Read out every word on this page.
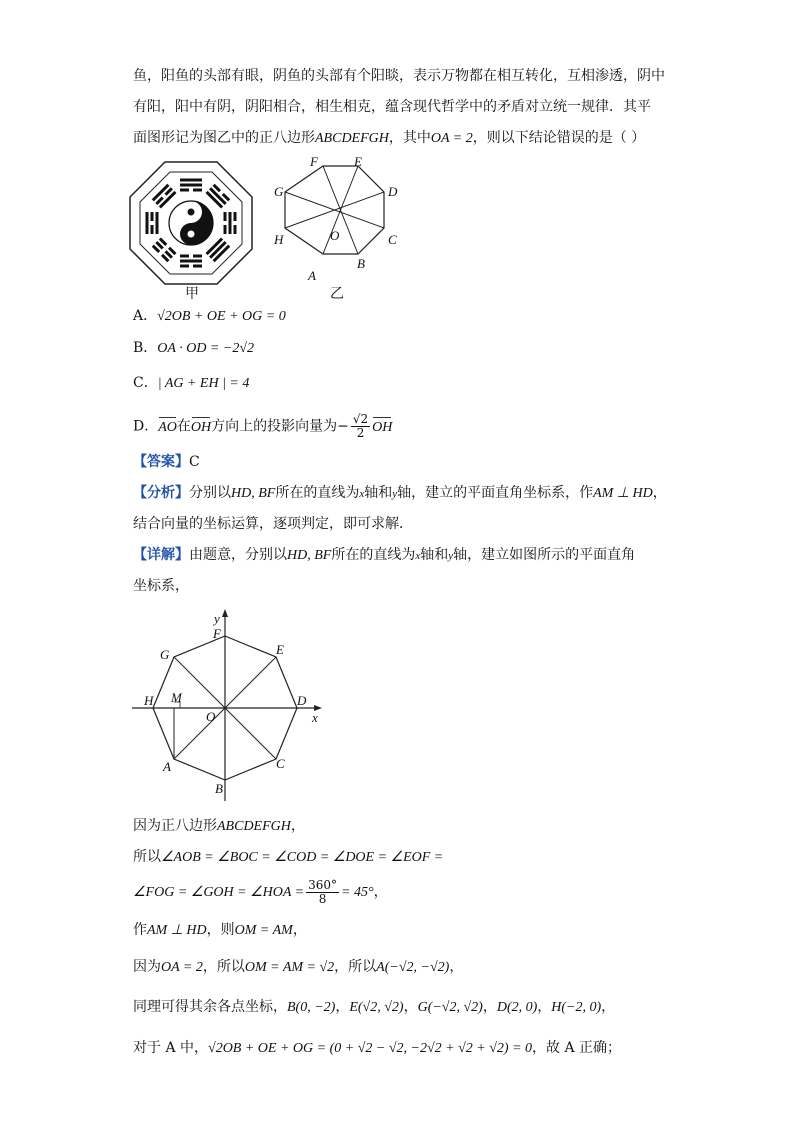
鱼，阳鱼的头部有眼，阴鱼的头部有个阳睒，表示万物都在相互转化，互相渗透，阴中
有阳，阳中有阴，阴阳相合，相生相克，蕴含现代哲学中的矛盾对立统一规律．其平
面图形记为图乙中的正八边形ABCDEFGH，其中OA = 2，则以下结论错误的是（ ）
甲
F	E
D
C
B
A
H
G
O
乙
A．√2OB + OE + OG = 0
B．OA · OD = −2√2
C．| AG + EH | = 4
D．AO在OH方向上的投影向量为− $\frac{√2}{2}$ OH
【答案】C
【分析】分别以HD, BF所在的直线为x轴和y轴，建立的平面直角坐标系，作AM ⊥ HD，
结合向量的坐标运算，逐项判定，即可求解．
【详解】由题意，分别以HD, BF所在的直线为x轴和y轴，建立如图所示的平面直角
坐标系，
y
x
F
E
D
C
B
A
H
G
O
M
因为正八边形ABCDEFGH，
所以∠AOB = ∠BOC = ∠COD = ∠DOE = ∠EOF =
∠FOG = ∠GOH = ∠HOA = $\frac{360^\circ}{8} = 45^\circ$，
作AM ⊥ HD，则OM = AM，
因为OA = 2，所以OM = AM = √2，所以A(−√2, −√2)，
同理可得其余各点坐标，B(0, −2)，E(√2, √2)，G(−√2, √2)，D(2, 0)，H(−2, 0)，
对于 A 中，√2OB + OE + OG = (0 + √2 − √2, −2√2 + √2 + √2) = 0，故 A 正确；
